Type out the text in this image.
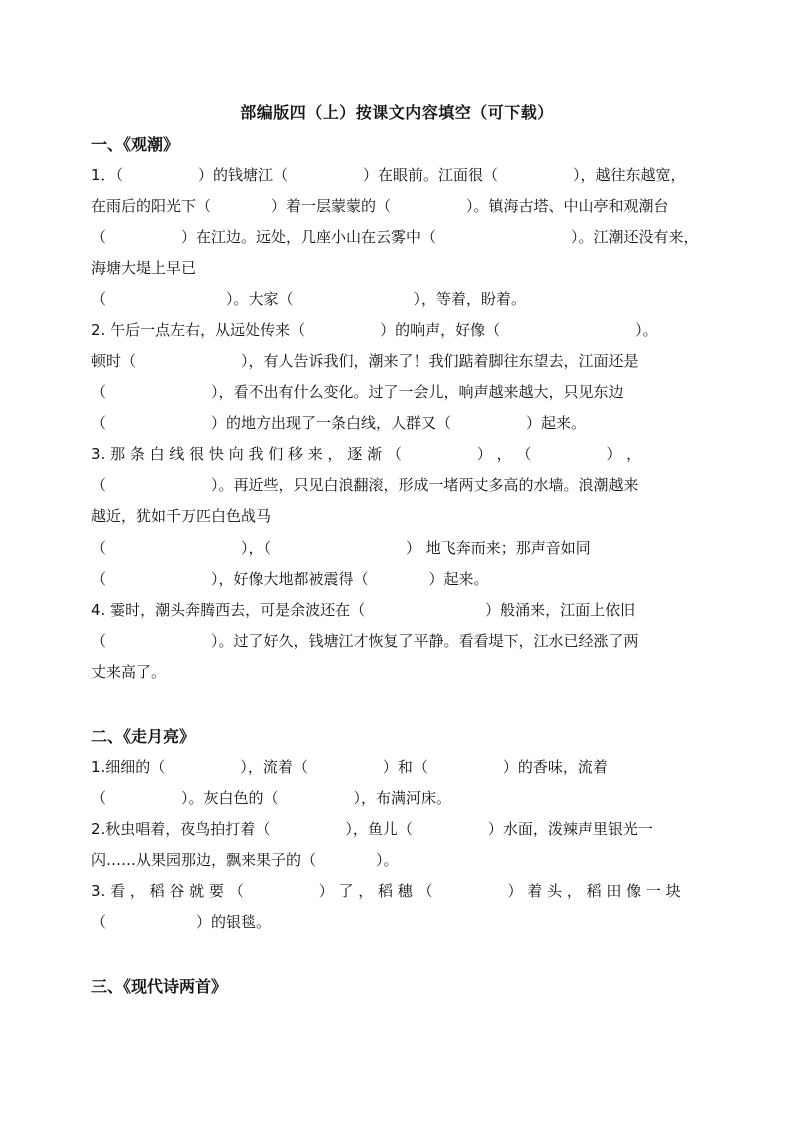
部编版四（上）按课文内容填空（可下载）
一、《观潮》
1．（　　　　　）的钱塘江（　　　　　）在眼前。江面很（　　　　　），越往东越宽，
在雨后的阳光下（　　　　）着一层蒙蒙的（　　　　　）。镇海古塔、中山亭和观潮台
（　　　　　）在江边。远处，几座小山在云雾中（　　　　　　　　　）。江潮还没有来，
海塘大堤上早已
（　　　　　　　　）。大家（　　　　　　　　），等着，盼着。
2. 午后一点左右，从远处传来（　　　　　）的响声，好像（　　　　　　　　　）。
顿时（　　　　　　　），有人告诉我们，潮来了！我们踮着脚往东望去，江面还是
（　　　　　　　），看不出有什么变化。过了一会儿，响声越来越大，只见东边
（　　　　　　　）的地方出现了一条白线，人群又（　　　　　）起来。
3. 那 条 白 线 很 快 向 我 们 移 来 ， 逐 渐 （　　　　　） ， （　　　　　） ，
（　　　　　　　）。再近些，只见白浪翻滚，形成一堵两丈多高的水墙。浪潮越来
越近，犹如千万匹白色战马
（　　　　　　　　　），（　　　　　　　　　） 地飞奔而来；那声音如同
（　　　　　　　），好像大地都被震得（　　　　）起来。
4. 霎时，潮头奔腾西去，可是余波还在（　　　　　　　　）般涌来，江面上依旧
（　　　　　　　）。过了好久，钱塘江才恢复了平静。看看堤下，江水已经涨了两
丈来高了。
二、《走月亮》
1.细细的（　　　　　），流着（　　　　　）和（　　　　　）的香味，流着
（　　　　　）。灰白色的（　　　　　），布满河床。
2.秋虫唱着，夜鸟拍打着（　　　　　），鱼儿（　　　　　）水面，泼辣声里银光一
闪……从果园那边，飘来果子的（　　　　）。
3. 看 ， 稻 谷 就 要 （　　　　　） 了 ， 稻 穗 （　　　　　） 着 头 ， 稻 田 像 一 块
（　　　　　　）的银毯。
三、《现代诗两首》
